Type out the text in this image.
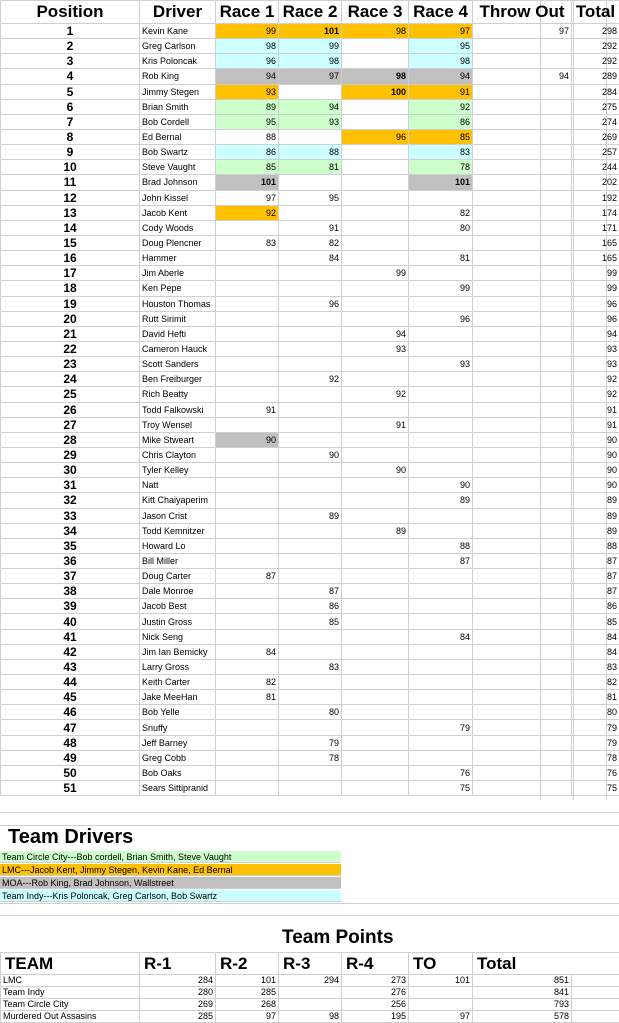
Position	Driver	Race 1	Race 2	Race 3	Race 4	Throw Out	Total
1	Kevin Kane	99	101	98	97	97	298
2	Greg Carlson	98	99		95		292
3	Kris Poloncak	96	98		98		292
4	Rob King	94	97	98	94	94	289
5	Jimmy Stegen	93		100	91		284
6	Brian Smith	89	94		92		275
7	Bob Cordell	95	93		86		274
8	Ed Bernal	88		96	85		269
9	Bob Swartz	86	88		83		257
10	Steve Vaught	85	81		78		244
11	Brad Johnson	101			101		202
12	John Kissel	97	95				192
13	Jacob Kent	92			82		174
14	Cody Woods		91		80		171
15	Doug Plencner	83	82				165
16	Hammer		84		81		165
17	Jim Aberle			99			99
18	Ken Pepe				99		99
19	Houston Thomas		96				96
20	Rutt Sirimit				96		96
21	David Hefti			94			94
22	Cameron Hauck			93			93
23	Scott Sanders				93		93
24	Ben Freiburger		92				92
25	Rich Beatty			92			92
26	Todd Falkowski	91					91
27	Troy Wensel			91			91
28	Mike Stweart	90					90
29	Chris Clayton		90				90
30	Tyler Kelley			90			90
31	Natt				90		90
32	Kitt Chaiyaperim				89		89
33	Jason Crist		89				89
34	Todd Kemnitzer			89			89
35	Howard Lo				88		88
36	Bill Miller				87		87
37	Doug Carter	87					87
38	Dale Monroe		87				87
39	Jacob Best		86				86
40	Justin Gross		85				85
41	Nick Seng				84		84
42	Jim Ian Bemicky	84					84
43	Larry Gross		83				83
44	Keith Carter	82					82
45	Jake MeeHan	81					81
46	Bob Yelle		80				80
47	Snuffy				79		79
48	Jeff Barney		79				79
49	Greg Cobb		78				78
50	Bob Oaks				76		76
51	Sears Sittipranid				75		75
Team Drivers
Team Circle City---Bob cordell, Brian Smith, Steve Vaught
LMC---Jacob Kent, Jimmy Stegen, Kevin Kane, Ed Bernal
MOA---Rob King, Brad Johnson, Wallstreet
Team Indy---Kris Poloncak, Greg Carlson, Bob Swartz
Team Points
TEAM	R-1	R-2	R-3	R-4	TO	Total	
LMC	284	101	294	273	101	851	
Team Indy	280	285		276		841	
Team Circle City	269	268		256		793	
Murdered Out Assasins	285	97	98	195	97	578	
